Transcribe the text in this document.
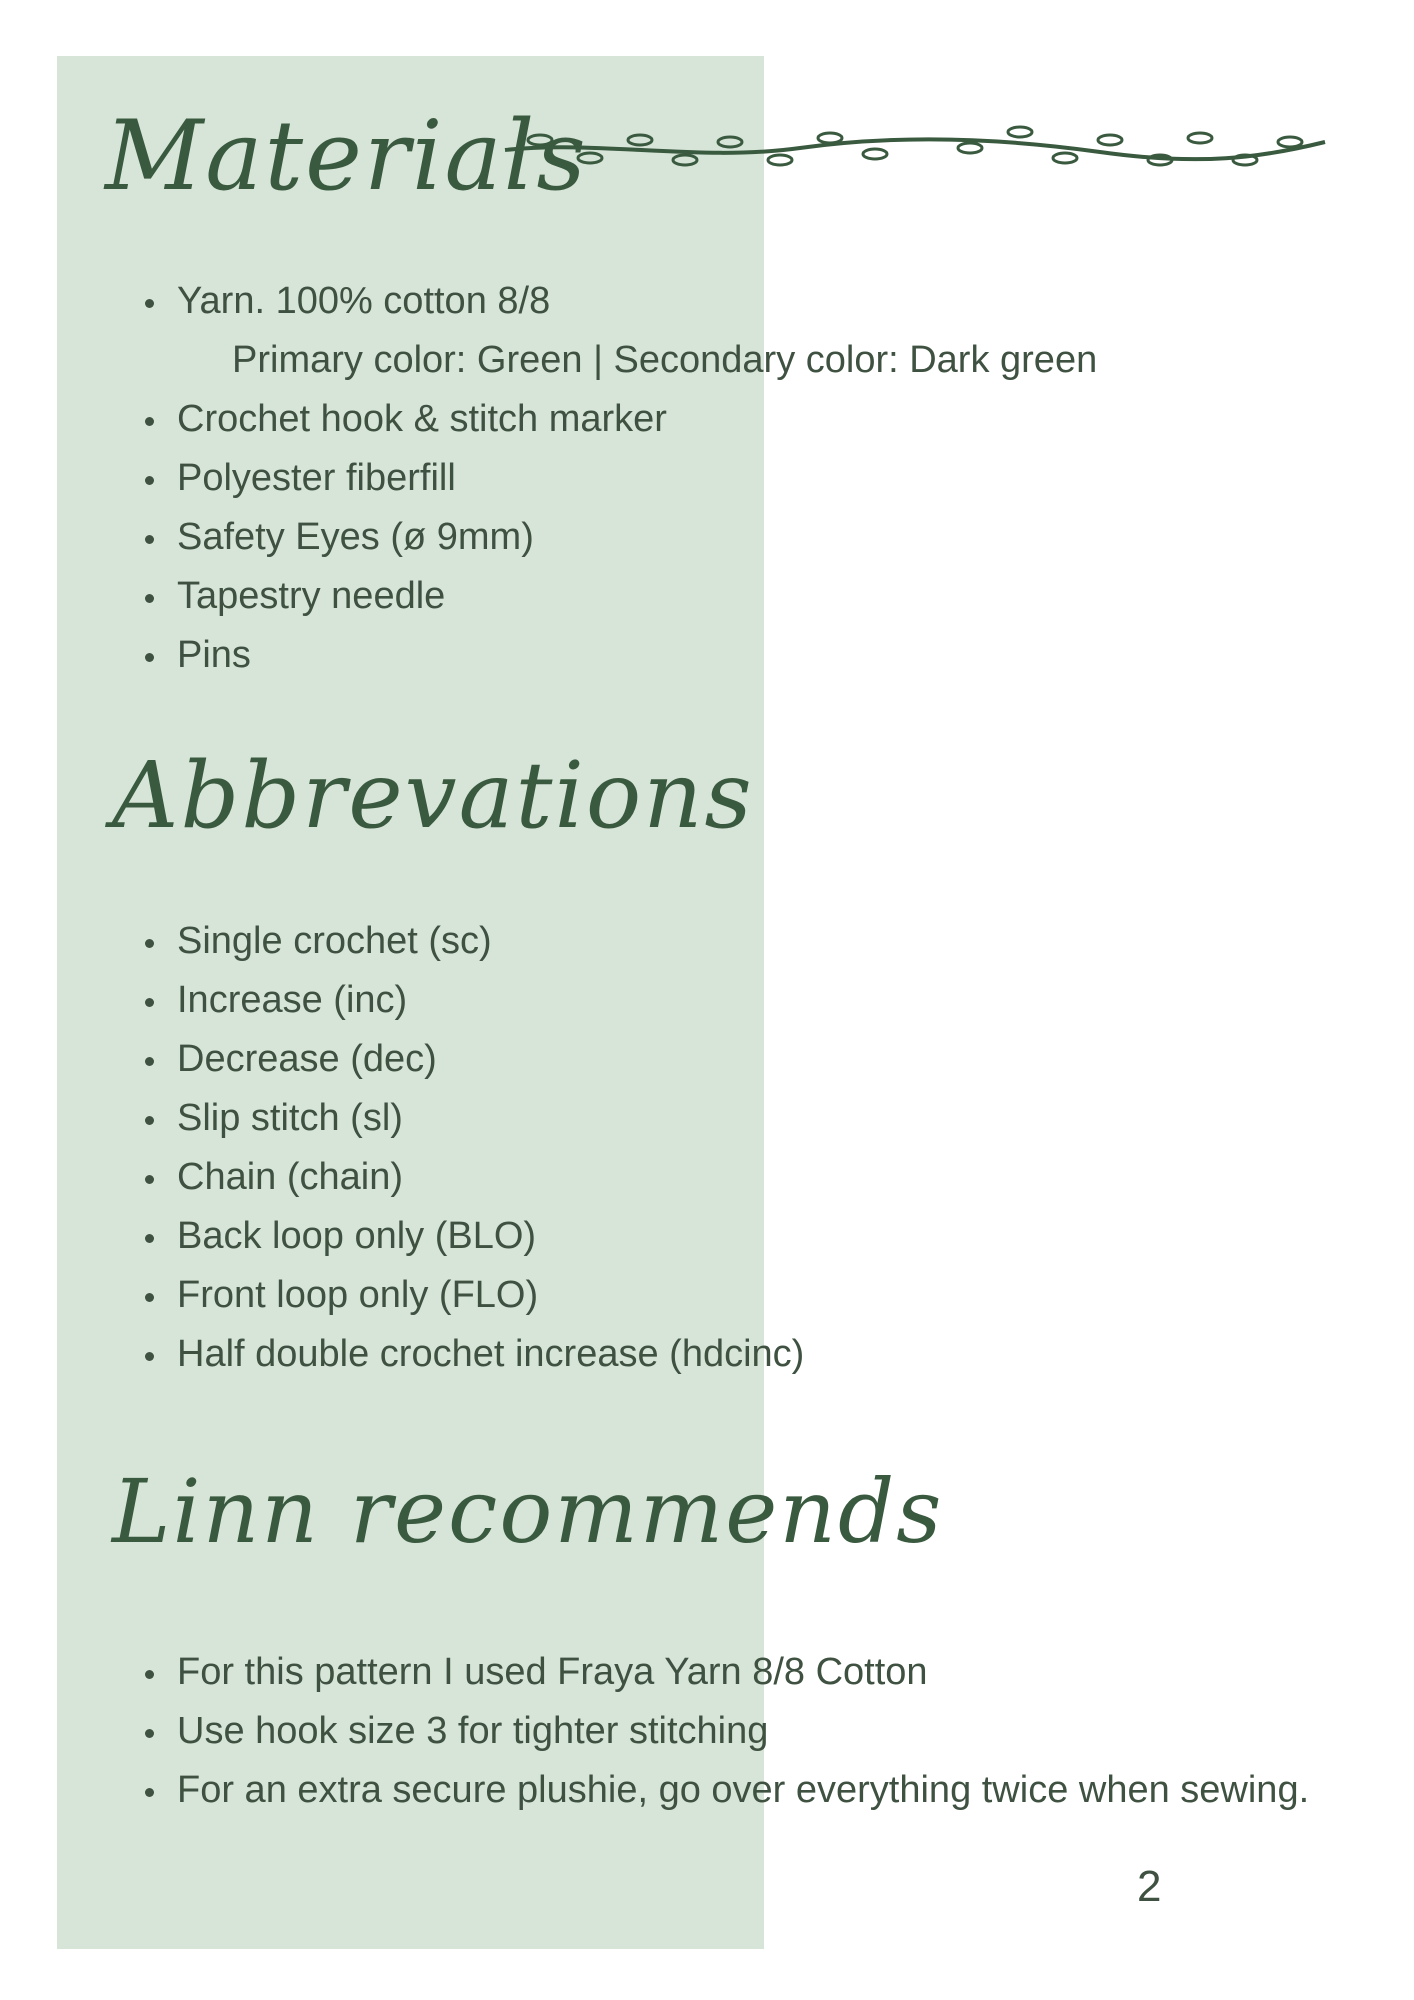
Materials
Yarn. 100% cotton 8/8
Primary color: Green | Secondary color: Dark green
Crochet hook & stitch marker
Polyester fiberfill
Safety Eyes (ø 9mm)
Tapestry needle
Pins
Abbrevations
Single crochet (sc)
Increase (inc)
Decrease (dec)
Slip stitch (sl)
Chain (chain)
Back loop only (BLO)
Front loop only (FLO)
Half double crochet increase (hdcinc)
Linn recommends
For this pattern I used Fraya Yarn 8/8 Cotton
Use hook size 3 for tighter stitching
For an extra secure plushie, go over everything twice when sewing.
2
